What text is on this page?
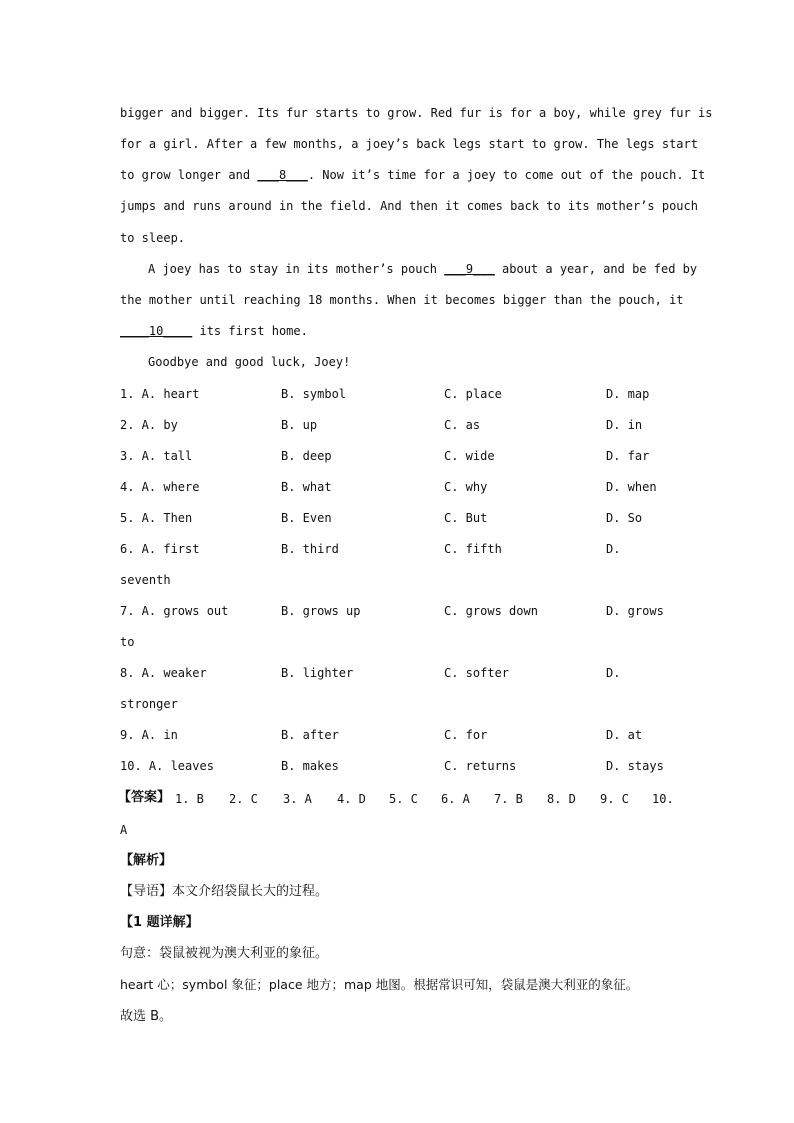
bigger and bigger. Its fur starts to grow. Red fur is for a boy, while grey fur is
for a girl. After a few months, a joey’s back legs start to grow. The legs start
to grow longer and ___8___. Now it’s time for a joey to come out of the pouch. It
jumps and runs around in the field. And then it comes back to its mother’s pouch
to sleep.
A joey has to stay in its mother’s pouch ___9___ about a year, and be fed by
the mother until reaching 18 months. When it becomes bigger than the pouch, it
____10____ its first home.
Goodbye and good luck, Joey!
1. A. heart	B. symbol	C. place	D. map
2. A. by	B. up	C. as	D. in
3. A. tall	B. deep	C. wide	D. far
4. A. where	B. what	C. why	D. when
5. A. Then	B. Even	C. But	D. So
6. A. first	B. third	C. fifth	D.
seventh
7. A. grows out	B. grows up	C. grows down	D. grows
to
8. A. weaker	B. lighter	C. softer	D.
stronger
9. A. in	B. after	C. for	D. at
10. A. leaves	B. makes	C. returns	D. stays
【答案】 1. B 2. C 3. A 4. D 5. C 6. A 7. B 8. D 9. C 10.
A
【解析】
【导语】本文介绍袋鼠长大的过程。
【1 题详解】
句意：袋鼠被视为澳大利亚的象征。
heart 心；symbol 象征；place 地方；map 地图。根据常识可知，袋鼠是澳大利亚的象征。
故选 B。
